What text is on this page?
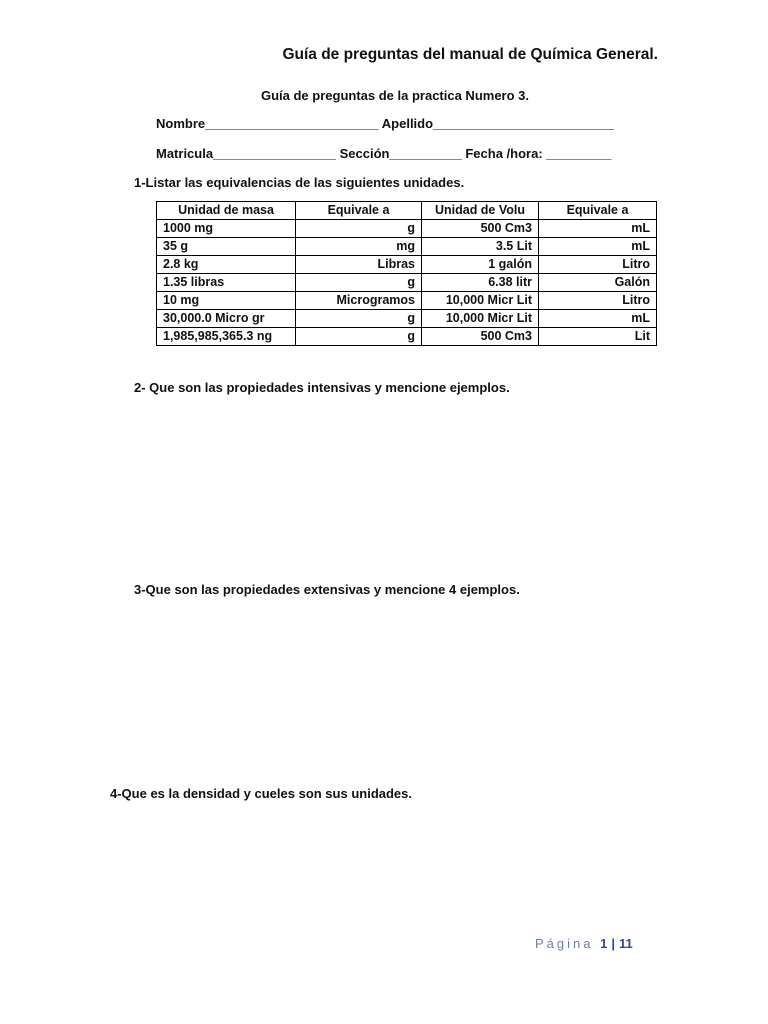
Guía de preguntas del manual de Química General.
Guía de preguntas de la practica Numero 3.
Nombre________________________ Apellido_________________________
Matricula_________________ Sección__________ Fecha /hora: _________
1-Listar las equivalencias de las siguientes unidades.
Unidad de masa	Equivale a	Unidad de Volu	Equivale a
1000 mg	g	500 Cm3	mL
35 g	mg	3.5 Lit	mL
2.8 kg	Libras	1 galón	Litro
1.35 libras	g	6.38 litr	Galón
10 mg	Microgramos	10,000 Micr Lit	Litro
30,000.0 Micro gr	g	10,000 Micr Lit	mL
1,985,985,365.3 ng	g	500 Cm3	Lit
2- Que son las propiedades intensivas y mencione ejemplos.
3-Que son las propiedades extensivas y mencione 4 ejemplos.
4-Que es la densidad y cueles son sus unidades.
Página 1 | 11
